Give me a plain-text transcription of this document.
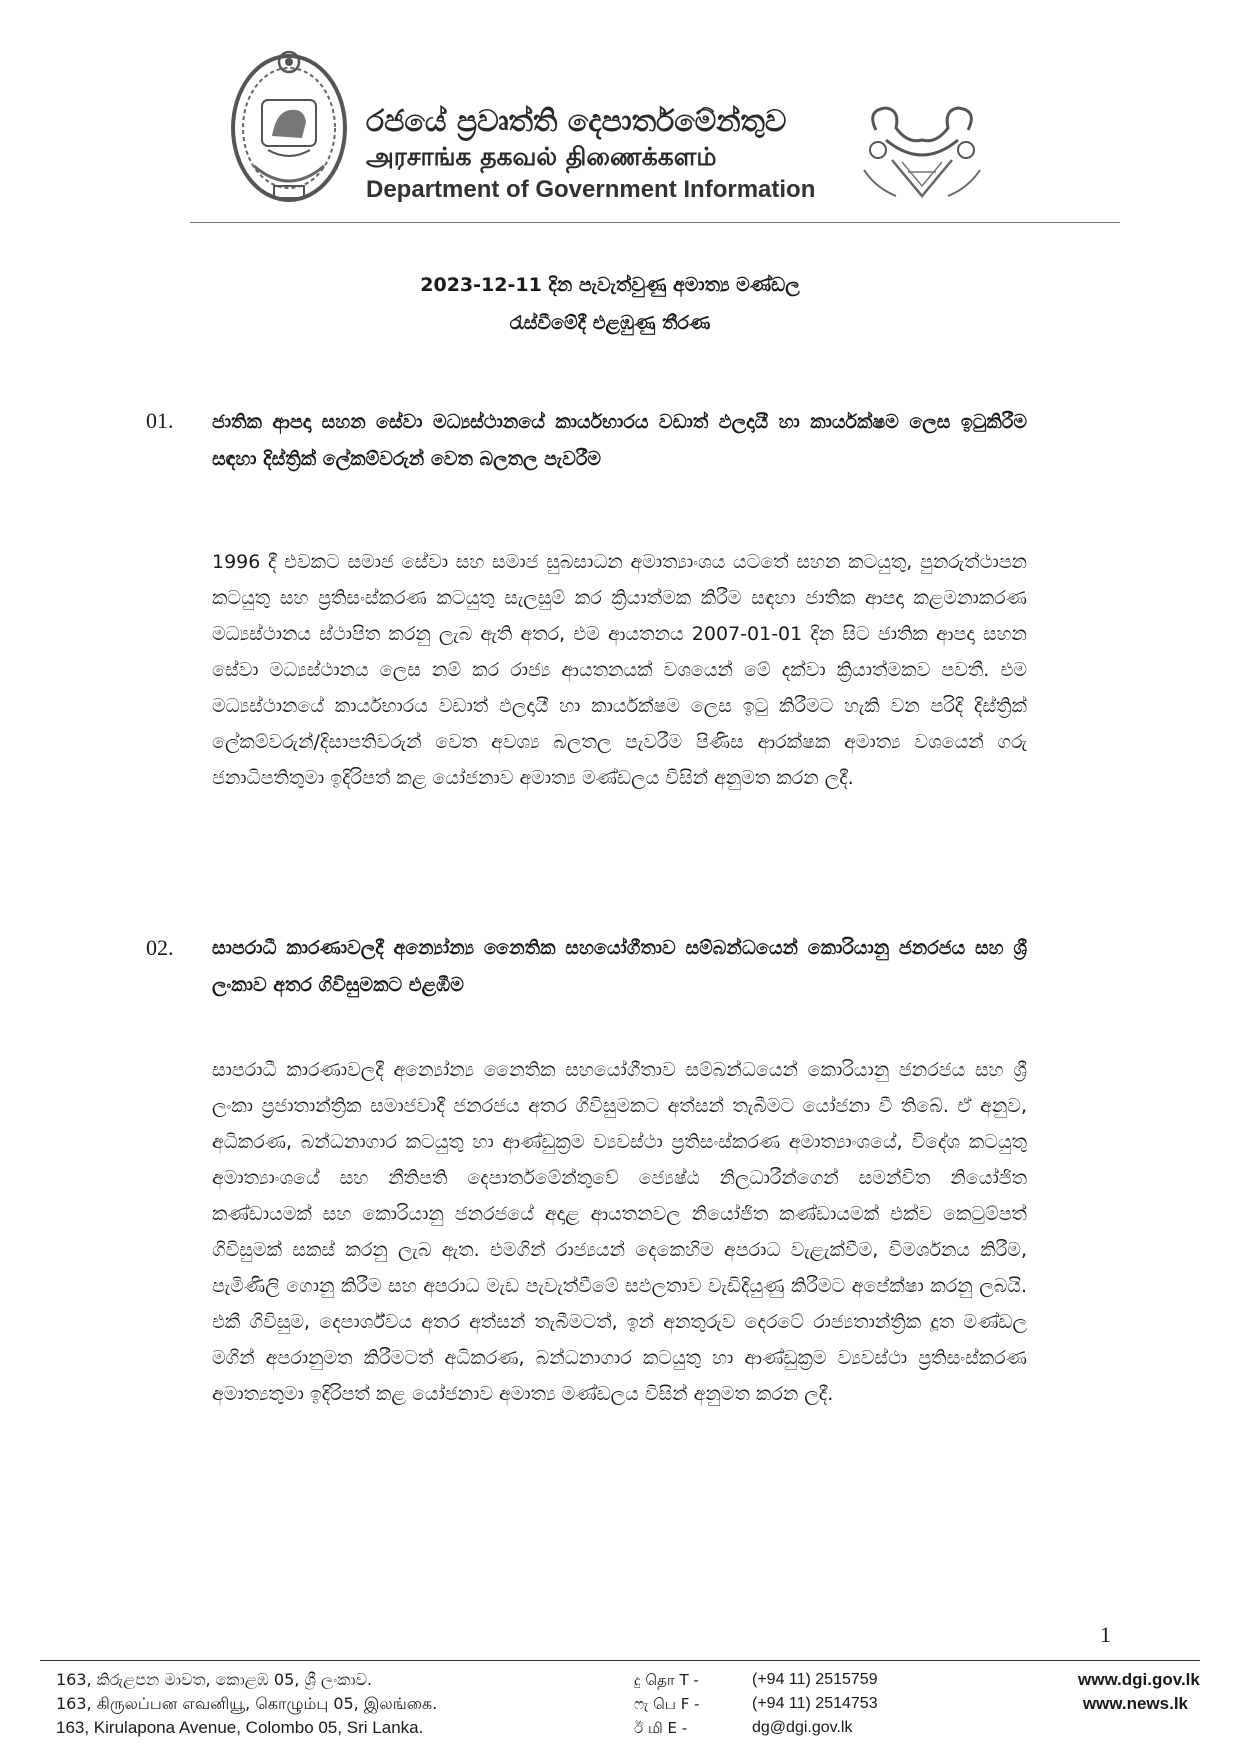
රජයේ ප්‍රවෘත්ති දෙපාර්තමේන්තුව
அரசாங்க தகவல் திணைக்களம்
Department of Government Information
2023-12-11 දින පැවැත්වුණු අමාත්‍ය මණ්ඩල
රැස්වීමේදී එළඹුණු තීරණ
01. ජාතික ආපදා සහන සේවා මධ්‍යස්ථානයේ කාර්යභාරය වඩාත් ඵලදායී හා කාර්යක්ෂම ලෙස ඉටුකිරීම සඳහා දිස්ත්‍රික් ලේකම්වරුන් වෙත බලතල පැවරීම
1996 දී එවකට සමාජ සේවා සහ සමාජ සුබසාධන අමාත්‍යාංශය යටතේ සහන කටයුතු, පුනරුත්ථාපන කටයුතු සහ ප්‍රතිසංස්කරණ කටයුතු සැලසුම් කර ක්‍රියාත්මක කිරීම සඳහා ජාතික ආපදා කළමනාකරණ මධ්‍යස්ථානය ස්ථාපිත කරනු ලැබ ඇති අතර, එම ආයතනය 2007-01-01 දින සිට ජාතික ආපදා සහන සේවා මධ්‍යස්ථානය ලෙස නම් කර රාජ්‍ය ආයතනයක් වශයෙන් මේ දක්වා ක්‍රියාත්මකව පවතී. එම මධ්‍යස්ථානයේ කාර්යභාරය වඩාත් ඵලදායී හා කාර්යක්ෂම ලෙස ඉටු කිරීමට හැකි වන පරිදි දිස්ත්‍රික් ලේකම්වරුන්/දිසාපතිවරුන් වෙත අවශ්‍ය බලතල පැවරීම පිණිස ආරක්ෂක අමාත්‍ය වශයෙන් ගරු ජනාධිපතිතුමා ඉදිරිපත් කළ යෝජනාව අමාත්‍ය මණ්ඩලය විසින් අනුමත කරන ලදී.
02. සාපරාධී කාරණාවලදී අන්‍යෝන්‍ය නෛතික සහයෝගීතාව සම්බන්ධයෙන් කොරියානු ජනරජය සහ ශ්‍රී ලංකාව අතර ගිවිසුමකට එළඹීම
සාපරාධී කාරණාවලදී අන්‍යෝන්‍ය නෛතික සහයෝගීතාව සම්බන්ධයෙන් කොරියානු ජනරජය සහ ශ්‍රී ලංකා ප්‍රජාතාන්ත්‍රික සමාජවාදී ජනරජය අතර ගිවිසුමකට අත්සන් තැබීමට යෝජනා වී තිබේ. ඒ අනුව, අධිකරණ, බන්ධනාගාර කටයුතු හා ආණ්ඩුක්‍රම ව්‍යවස්ථා ප්‍රතිසංස්කරණ අමාත්‍යාංශයේ, විදේශ කටයුතු අමාත්‍යාංශයේ සහ නීතිපති දෙපාර්තමේන්තුවේ ජ්‍යෙෂ්ඨ නිලධාරීන්ගෙන් සමන්විත නියෝජිත කණ්ඩායමක් සහ කොරියානු ජනරජයේ අදාළ ආයතනවල නියෝජිත කණ්ඩායමක් එක්ව කෙටුම්පත් ගිවිසුමක් සකස් කරනු ලැබ ඇත. එමගින් රාජ්‍යයන් දෙකෙහිම අපරාධ වැළැක්වීම, විමර්ශනය කිරීම, පැමිණිලි ගොනු කිරීම සහ අපරාධ මැඩ පැවැත්වීමේ සඵලතාව වැඩිදියුණු කිරීමට අපේක්ෂා කරනු ලබයි. එකී ගිවිසුම, දෙපාර්ශ්වය අතර අත්සන් තැබීමටත්, ඉන් අනතුරුව දෙරටේ රාජ්‍යතාන්ත්‍රික දූත මණ්ඩල මගින් අපරානුමත කිරීමටත් අධිකරණ, බන්ධනාගාර කටයුතු හා ආණ්ඩුක්‍රම ව්‍යවස්ථා ප්‍රතිසංස්කරණ අමාත්‍යතුමා ඉදිරිපත් කළ යෝජනාව අමාත්‍ය මණ්ඩලය විසින් අනුමත කරන ලදී.
1
163, කිරුළපන මාවත, කොළඹ 05, ශ්‍රී ලංකාව.
163, கிருலப்பன எவனியூ, கொழும்பு 05, இலங்கை.
163, Kirulapona Avenue, Colombo 05, Sri Lanka.
දු தொ T -	(+94 11) 2515759
ෆැ பெ F -	(+94 11) 2514753
ඊ மி E -	dg@dgi.gov.lk
www.dgi.gov.lk
www.news.lk
